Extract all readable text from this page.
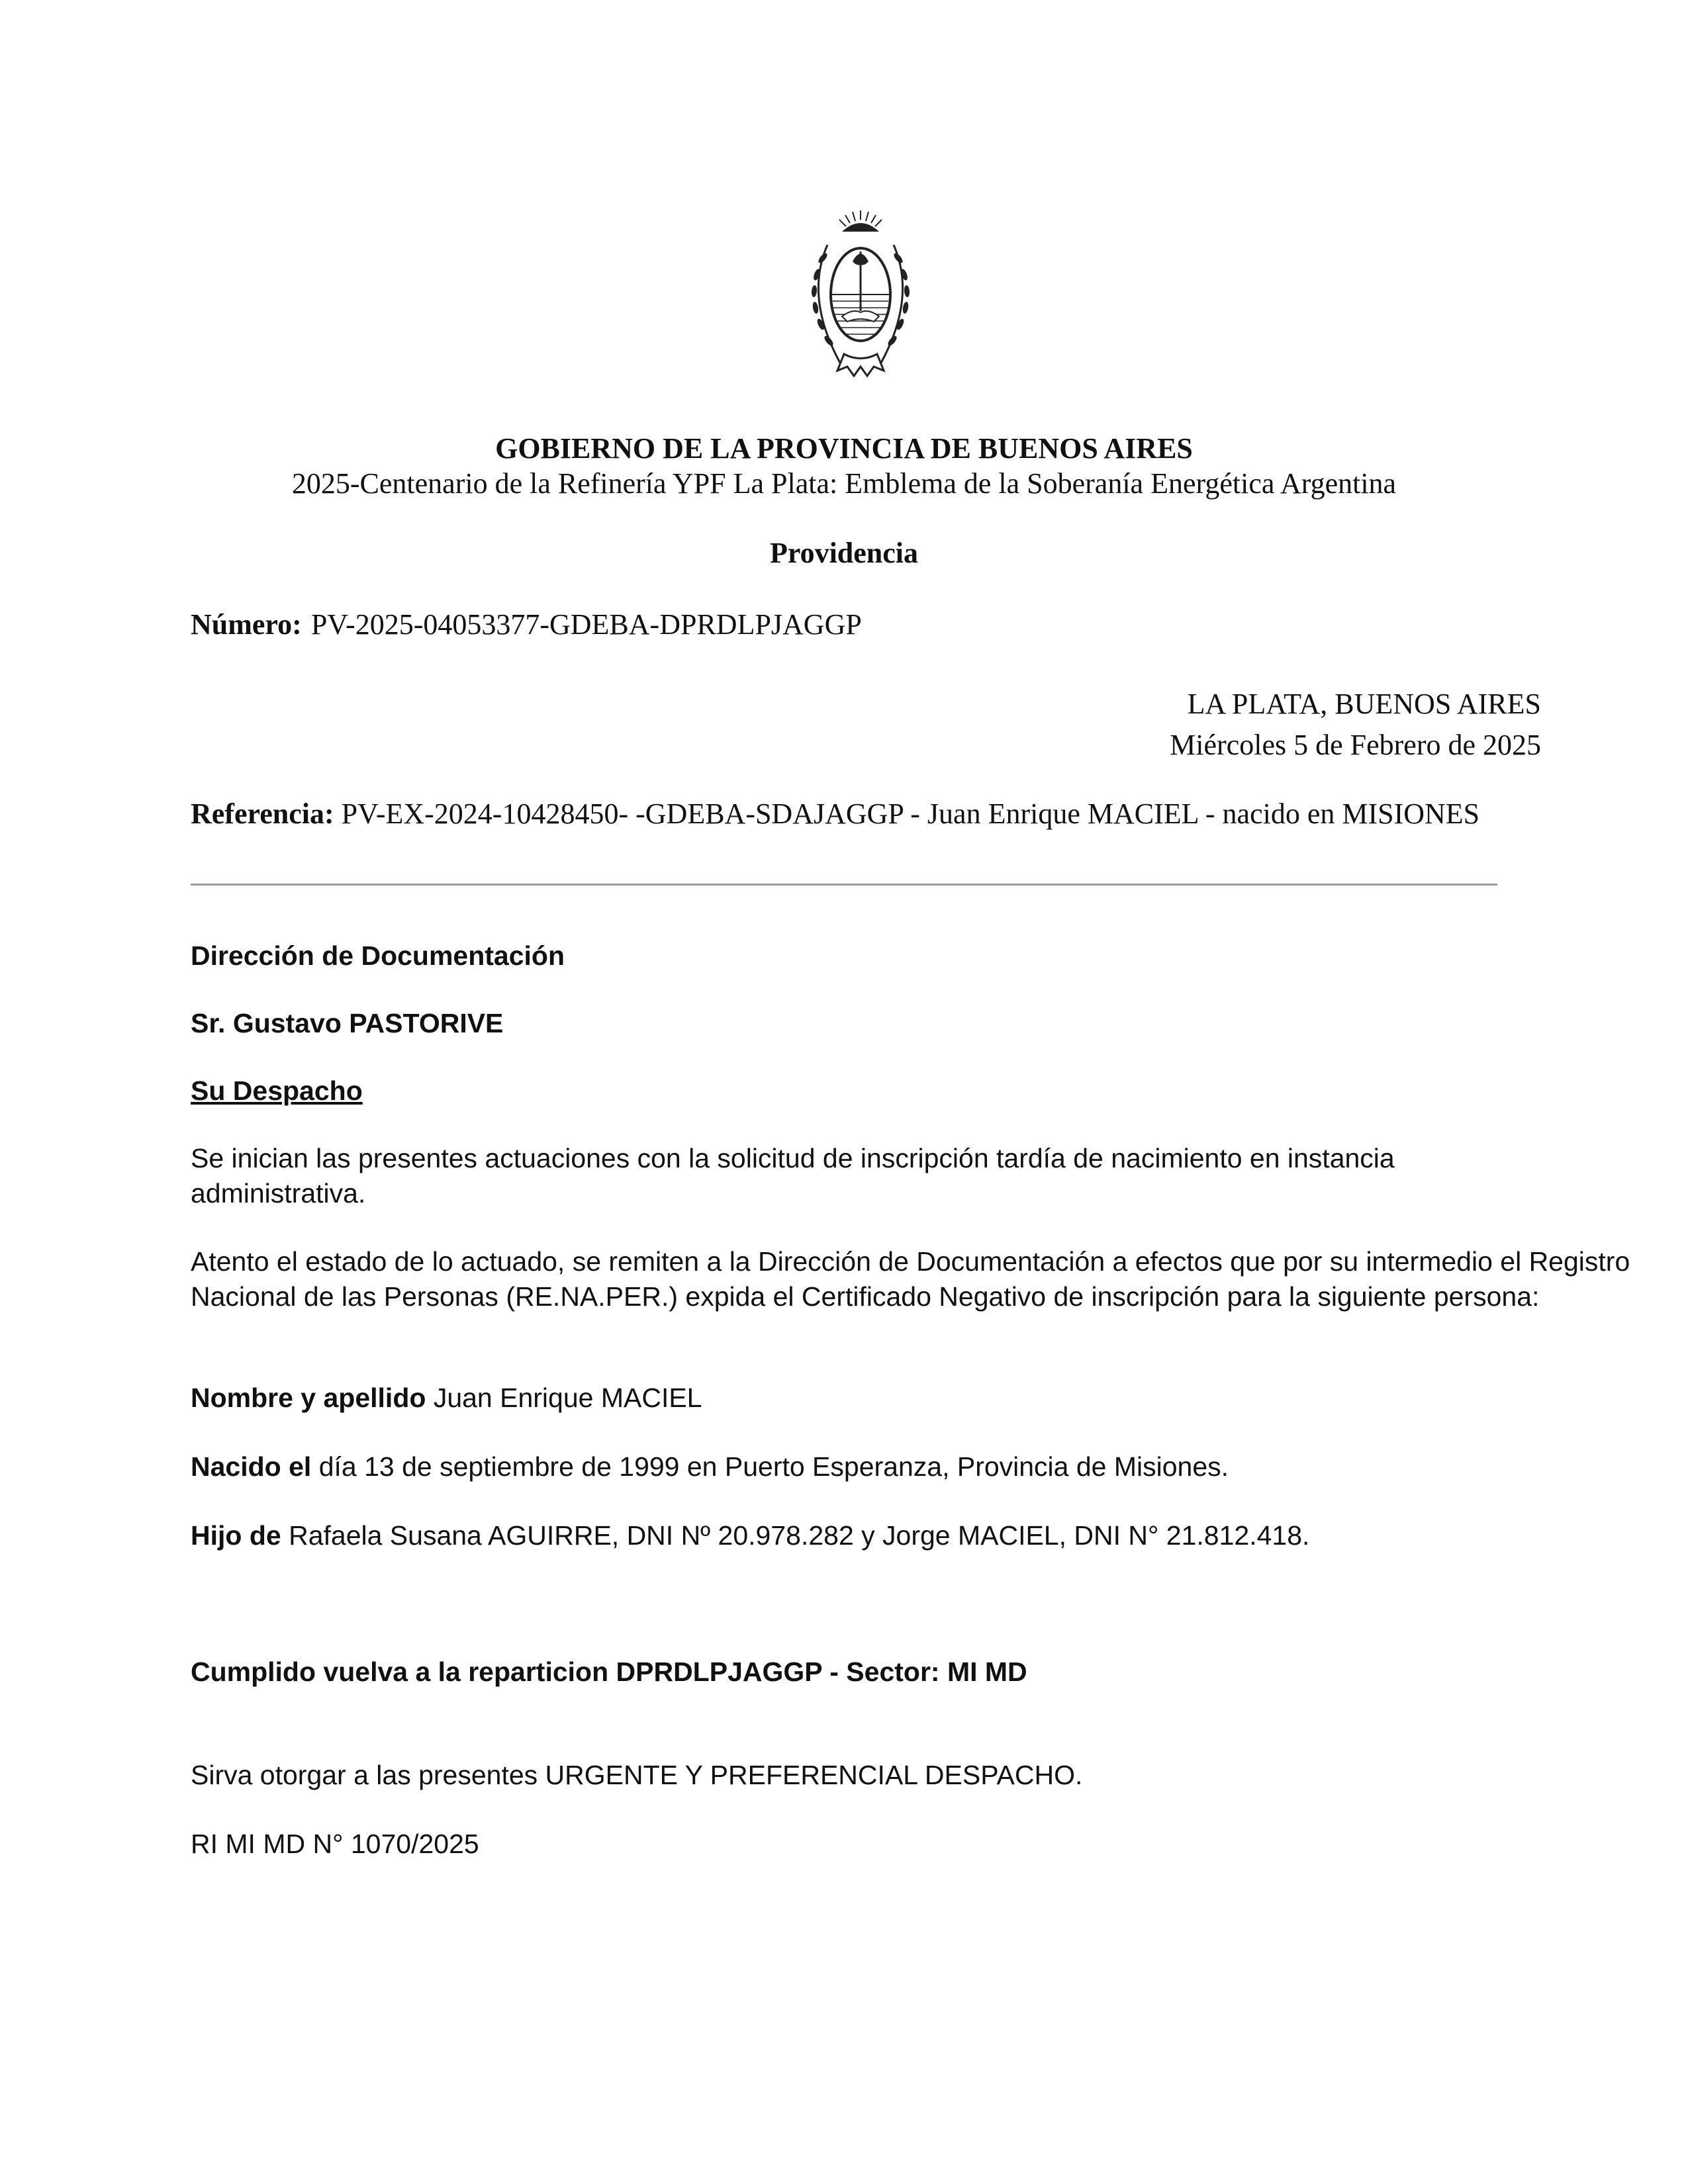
GOBIERNO DE LA PROVINCIA DE BUENOS AIRES
2025-Centenario de la Refinería YPF La Plata: Emblema de la Soberanía Energética Argentina
Providencia
Número: PV-2025-04053377-GDEBA-DPRDLPJAGGP
LA PLATA, BUENOS AIRES
Miércoles 5 de Febrero de 2025
Referencia: PV-EX-2024-10428450- -GDEBA-SDAJAGGP - Juan Enrique MACIEL - nacido en MISIONES
Dirección de Documentación
Sr. Gustavo PASTORIVE
Su Despacho
Se inician las presentes actuaciones con la solicitud de inscripción tardía de nacimiento en instancia administrativa.
Atento el estado de lo actuado, se remiten a la Dirección de Documentación a efectos que por su intermedio el Registro Nacional de las Personas (RE.NA.PER.) expida el Certificado Negativo de inscripción para la siguiente persona:
Nombre y apellido Juan Enrique MACIEL
Nacido el día 13 de septiembre de 1999 en Puerto Esperanza, Provincia de Misiones.
Hijo de Rafaela Susana AGUIRRE, DNI Nº 20.978.282 y Jorge MACIEL, DNI N° 21.812.418.
Cumplido vuelva a la reparticion DPRDLPJAGGP - Sector: MI MD
Sirva otorgar a las presentes URGENTE Y PREFERENCIAL DESPACHO.
RI MI MD N° 1070/2025
